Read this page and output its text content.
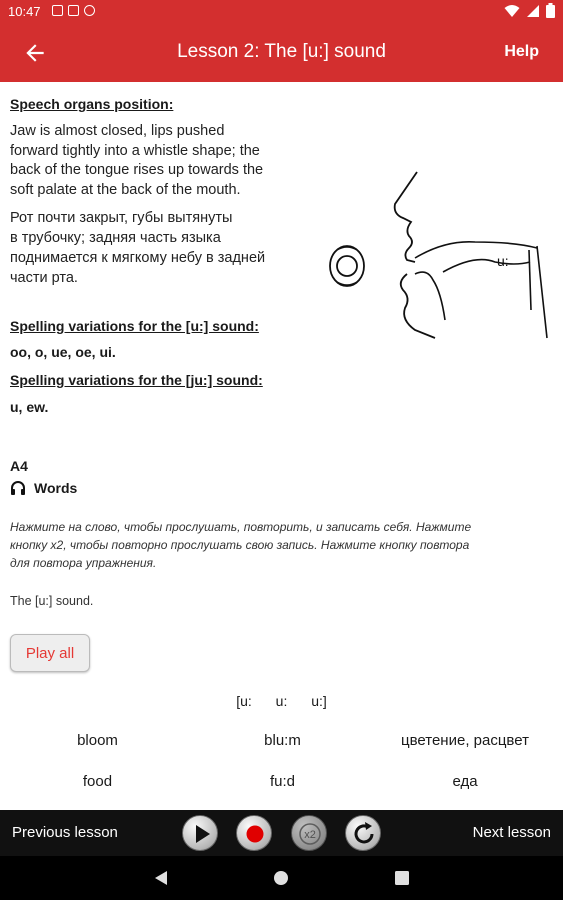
10:47
Lesson 2: The [u:] sound	Help
Speech organs position:
Jaw is almost closed, lips pushed
forward tightly into a whistle shape; the
back of the tongue rises up towards the
soft palate at the back of the mouth.
Рот почти закрыт, губы вытянуты
в трубочку; задняя часть языка
поднимается к мягкому небу в задней
части рта.
u:
Spelling variations for the [u:] sound:
oo, o, ue, oe, ui.
Spelling variations for the [ju:] sound:
u, ew.
A4
Words
Нажмите на слово, чтобы прослушать, повторить, и записать себя. Нажмите
кнопку x2, чтобы повторно прослушать свою запись. Нажмите кнопку повтора
для повтора упражнения.
The [u:] sound.
Play all
[u: u: u:]
bloom	blu:m	цветение, расцвет
food	fu:d	еда
Previous lesson	x2	Next lesson
